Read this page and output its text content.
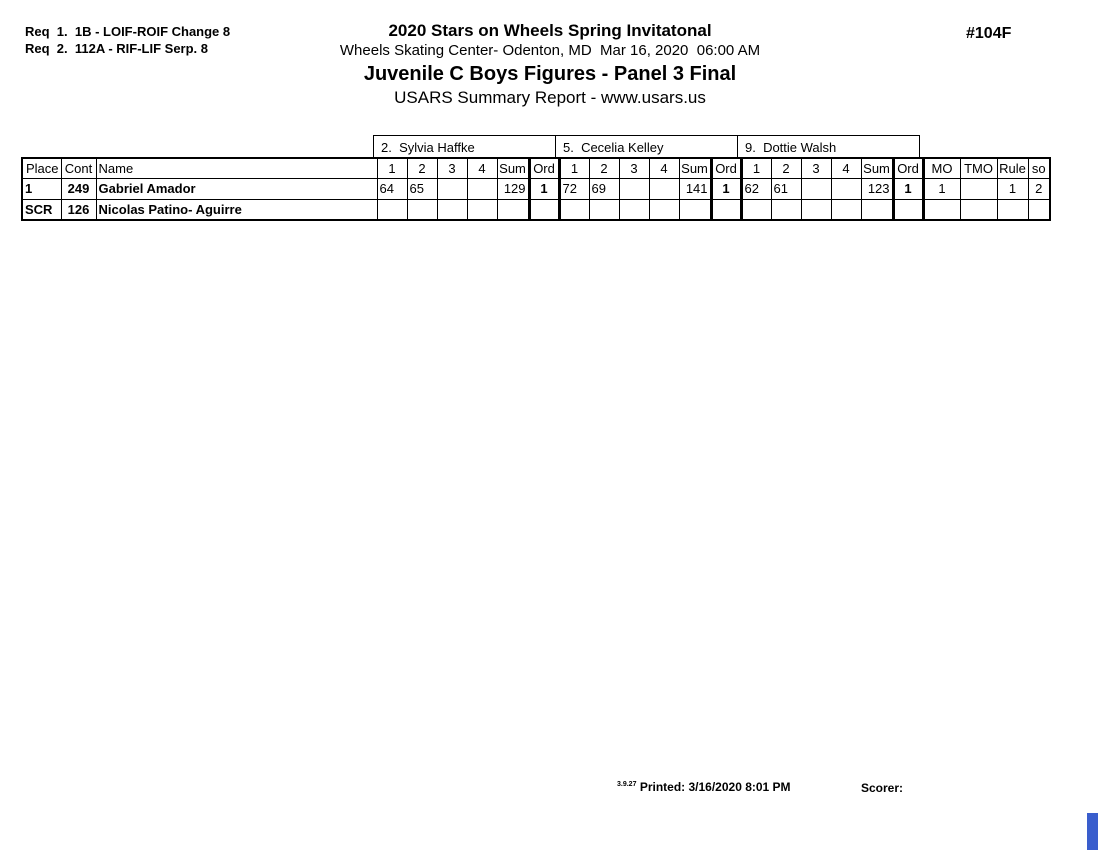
Req  1.  1B - LOIF-ROIF Change 8
Req  2.  112A - RIF-LIF Serp. 8
2020 Stars on Wheels Spring Invitatonal
Wheels Skating Center- Odenton, MD  Mar 16, 2020  06:00 AM
Juvenile C Boys Figures - Panel 3 Final
USARS Summary Report - www.usars.us
#104F
2.  Sylvia Haffke	5.  Cecelia Kelley	9.  Dottie Walsh
Place	Cont	Name	1	2	3	4	Sum	Ord	1	2	3	4	Sum	Ord	1	2	3	4	Sum	Ord	MO	TMO	Rule	so
1	249	Gabriel Amador	64	65			129	1	72	69			141	1	62	61			123	1	1		1	2
SCR	126	Nicolas Patino- Aguirre																						
$^{3.9.27}$ Printed: 3/16/2020 8:01 PM	Scorer:
